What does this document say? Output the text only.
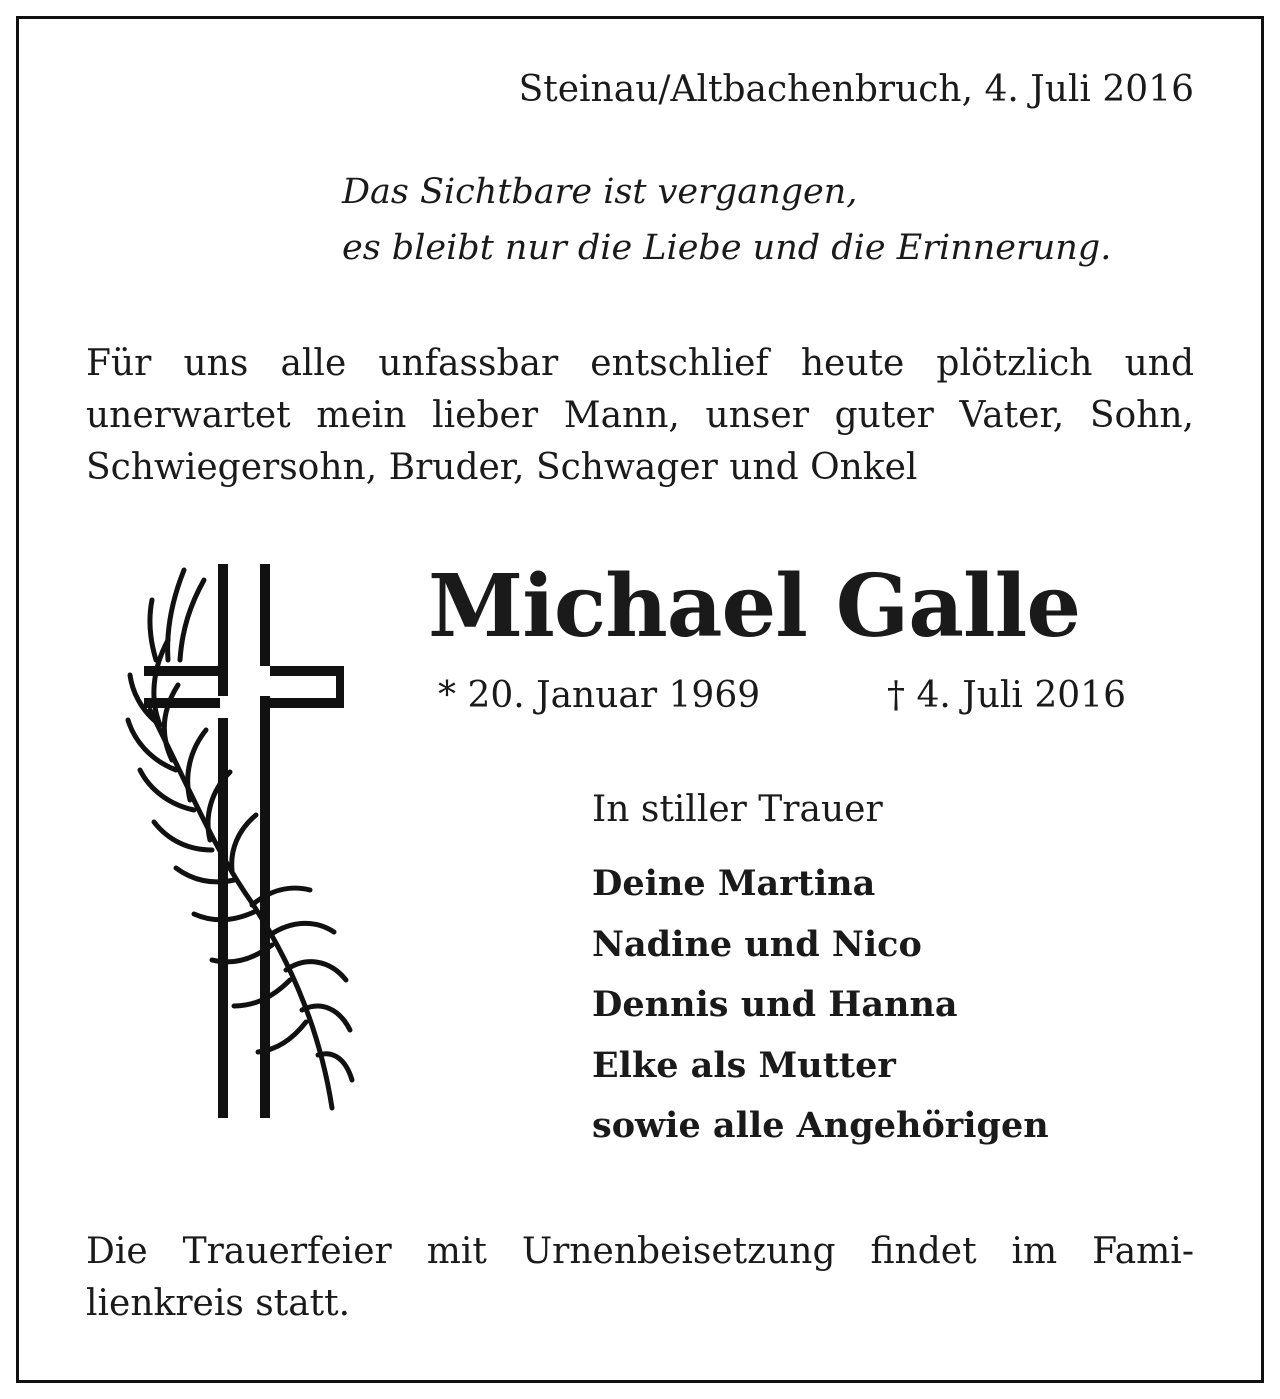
Steinau/Altbachenbruch, 4. Juli 2016
Das Sichtbare ist vergangen,
es bleibt nur die Liebe und die Erinnerung.
Für uns alle unfassbar entschlief heute plötzlich und
unerwartet mein lieber Mann, unser guter Vater, Sohn,
Schwiegersohn, Bruder, Schwager und Onkel
Michael Galle
* 20. Januar 1969	† 4. Juli 2016
In stiller Trauer
Deine Martina
Nadine und Nico
Dennis und Hanna
Elke als Mutter
sowie alle Angehörigen
Die Trauerfeier mit Urnenbeisetzung findet im Fami-
lienkreis statt.
